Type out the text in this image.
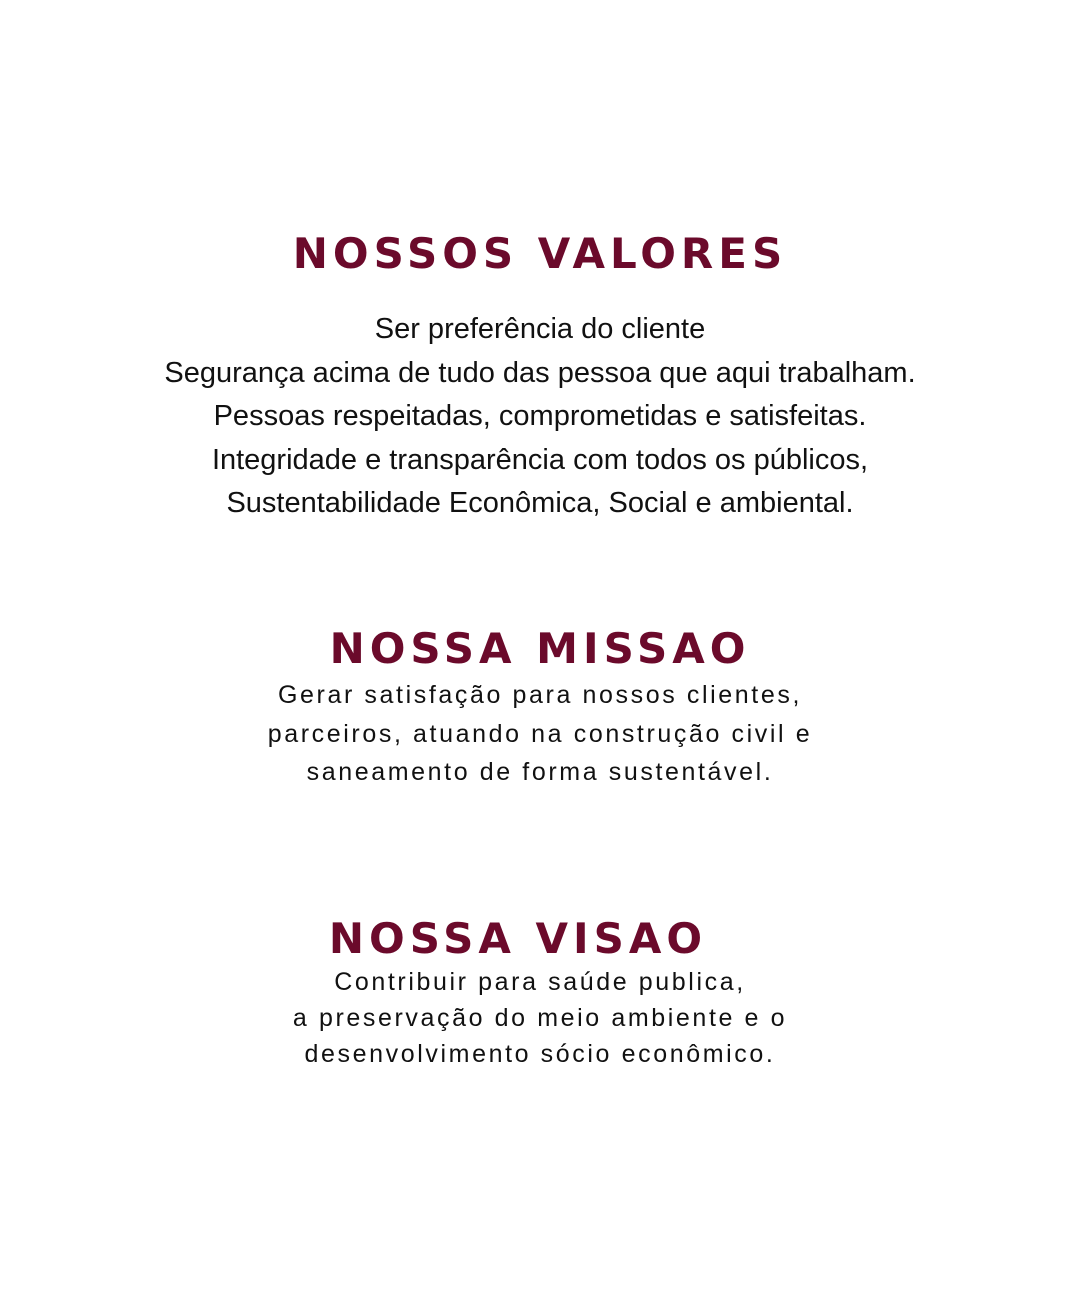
NOSSOS VALORES
Ser preferência do cliente
Segurança acima de tudo das pessoa que aqui trabalham.
Pessoas respeitadas, comprometidas e satisfeitas.
Integridade e transparência com todos os públicos,
Sustentabilidade Econômica, Social e ambiental.
NOSSA MISSAO
Gerar satisfação para nossos clientes,
parceiros, atuando na construção civil e
saneamento de forma sustentável.
NOSSA VISAO
Contribuir para saúde publica,
a preservação do meio ambiente e o
desenvolvimento sócio econômico.
